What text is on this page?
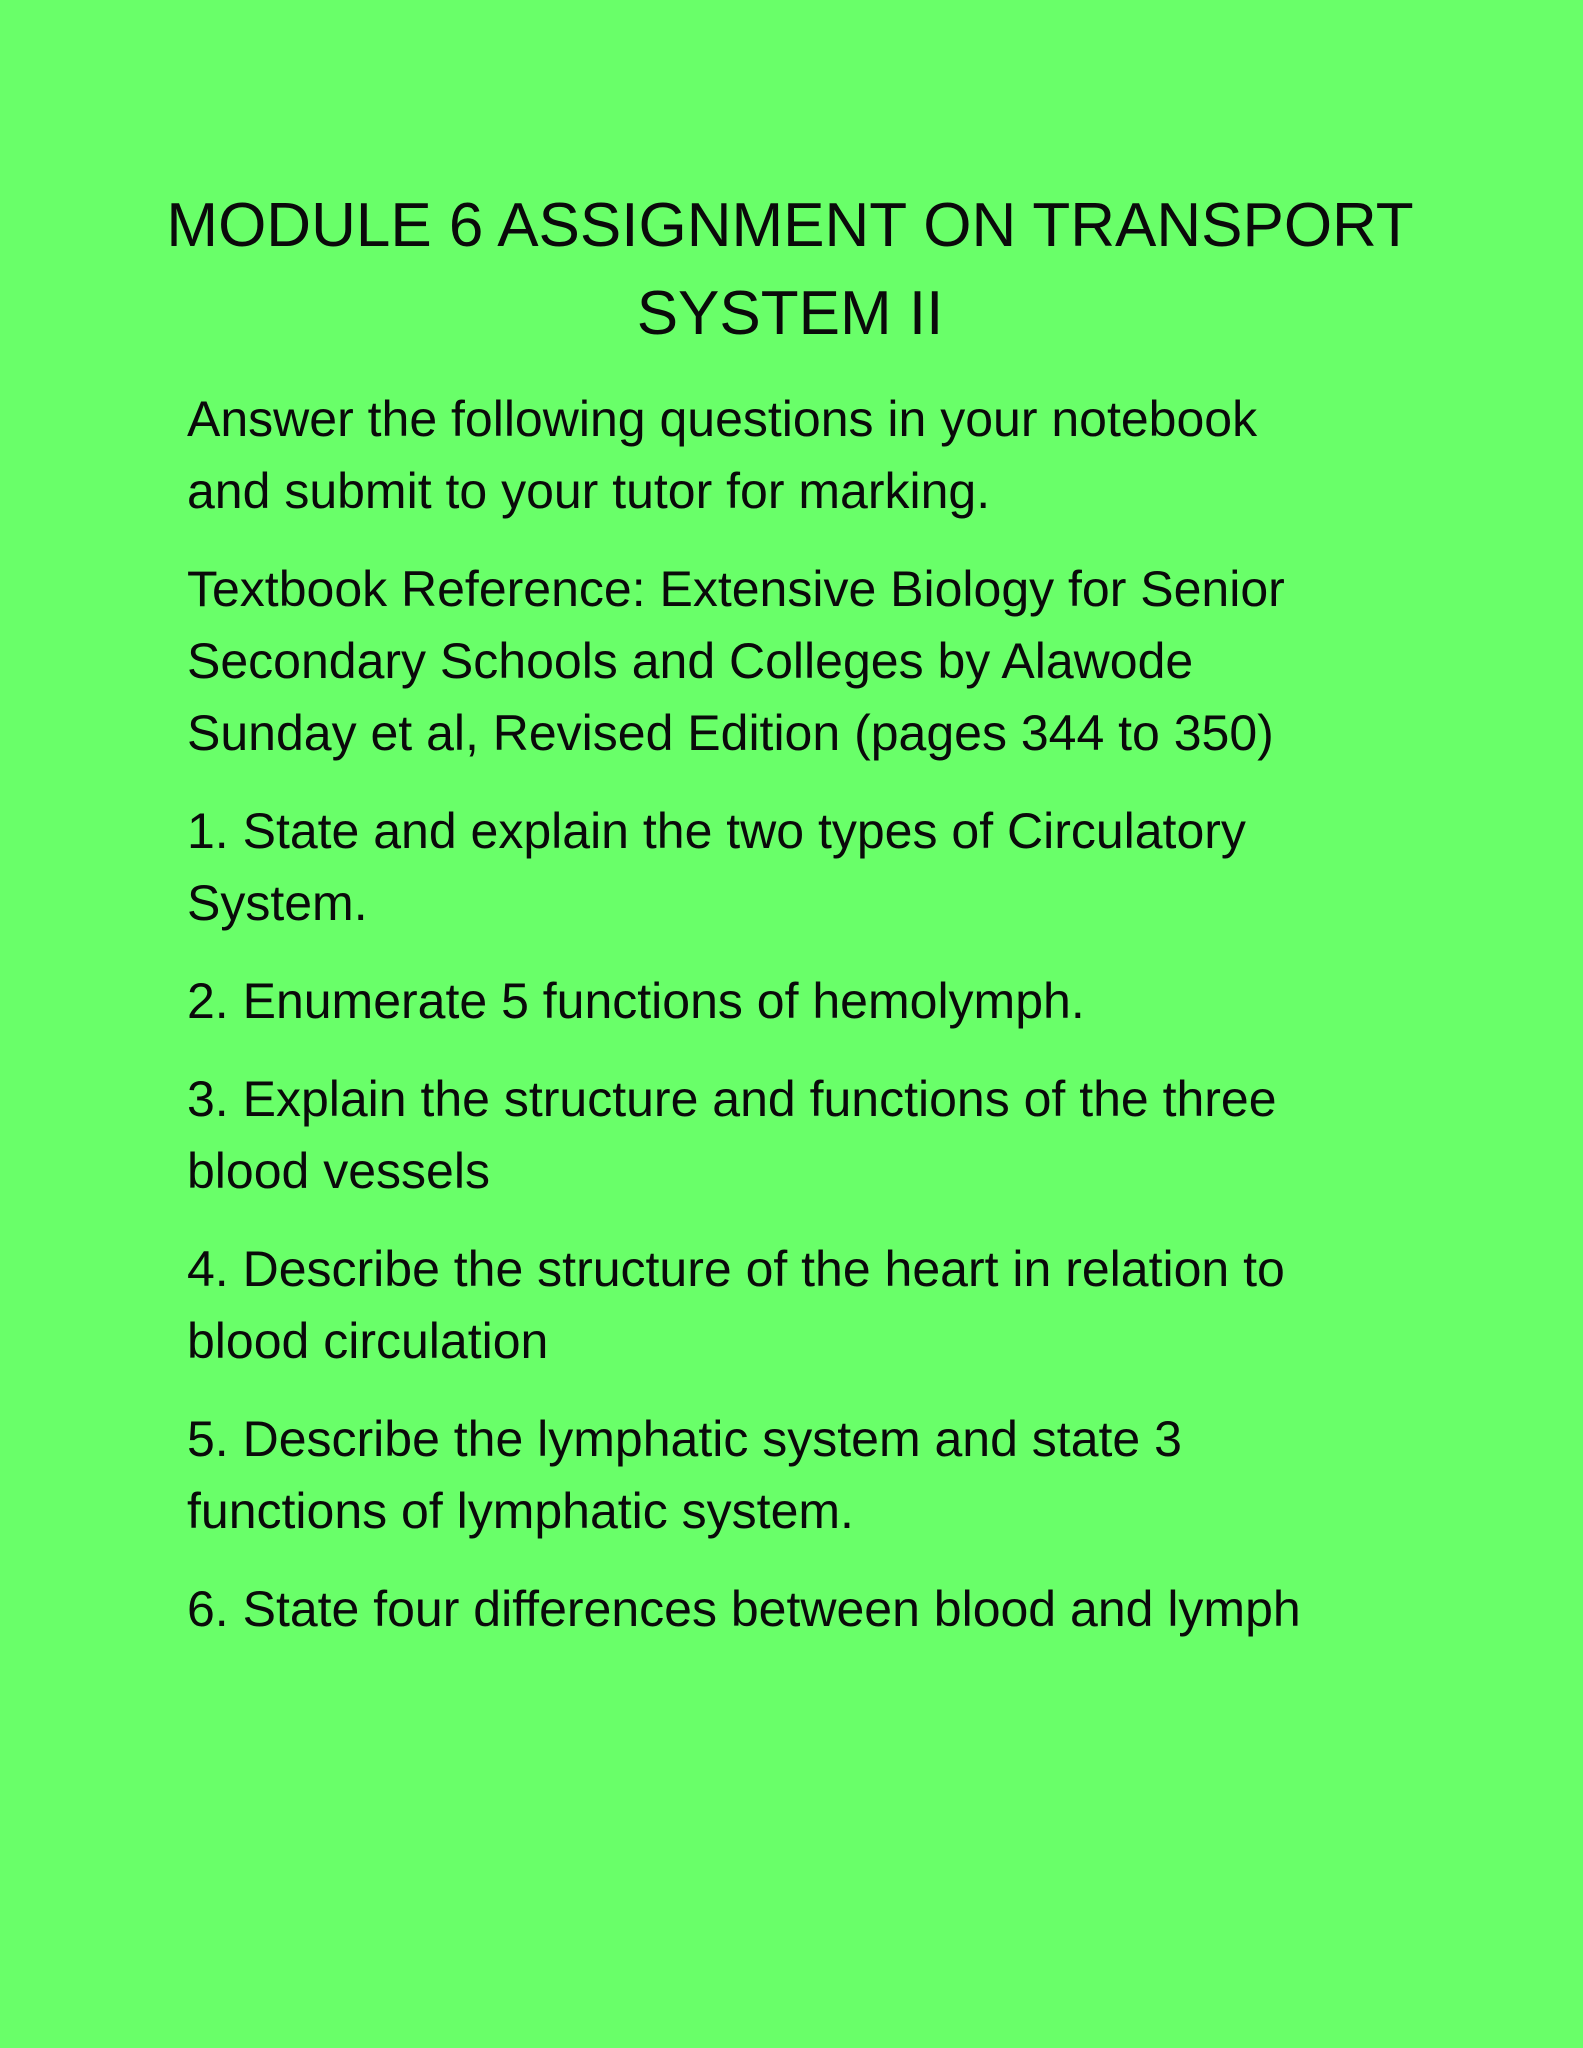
MODULE 6 ASSIGNMENT ON TRANSPORT
SYSTEM II

Answer the following questions in your notebook
and submit to your tutor for marking.

Textbook Reference: Extensive Biology for Senior
Secondary Schools and Colleges by Alawode
Sunday et al, Revised Edition (pages 344 to 350)

1. State and explain the two types of Circulatory
System.

2. Enumerate 5 functions of hemolymph.

3. Explain the structure and functions of the three
blood vessels

4. Describe the structure of the heart in relation to
blood circulation

5. Describe the lymphatic system and state 3
functions of lymphatic system.

6. State four differences between blood and lymph
